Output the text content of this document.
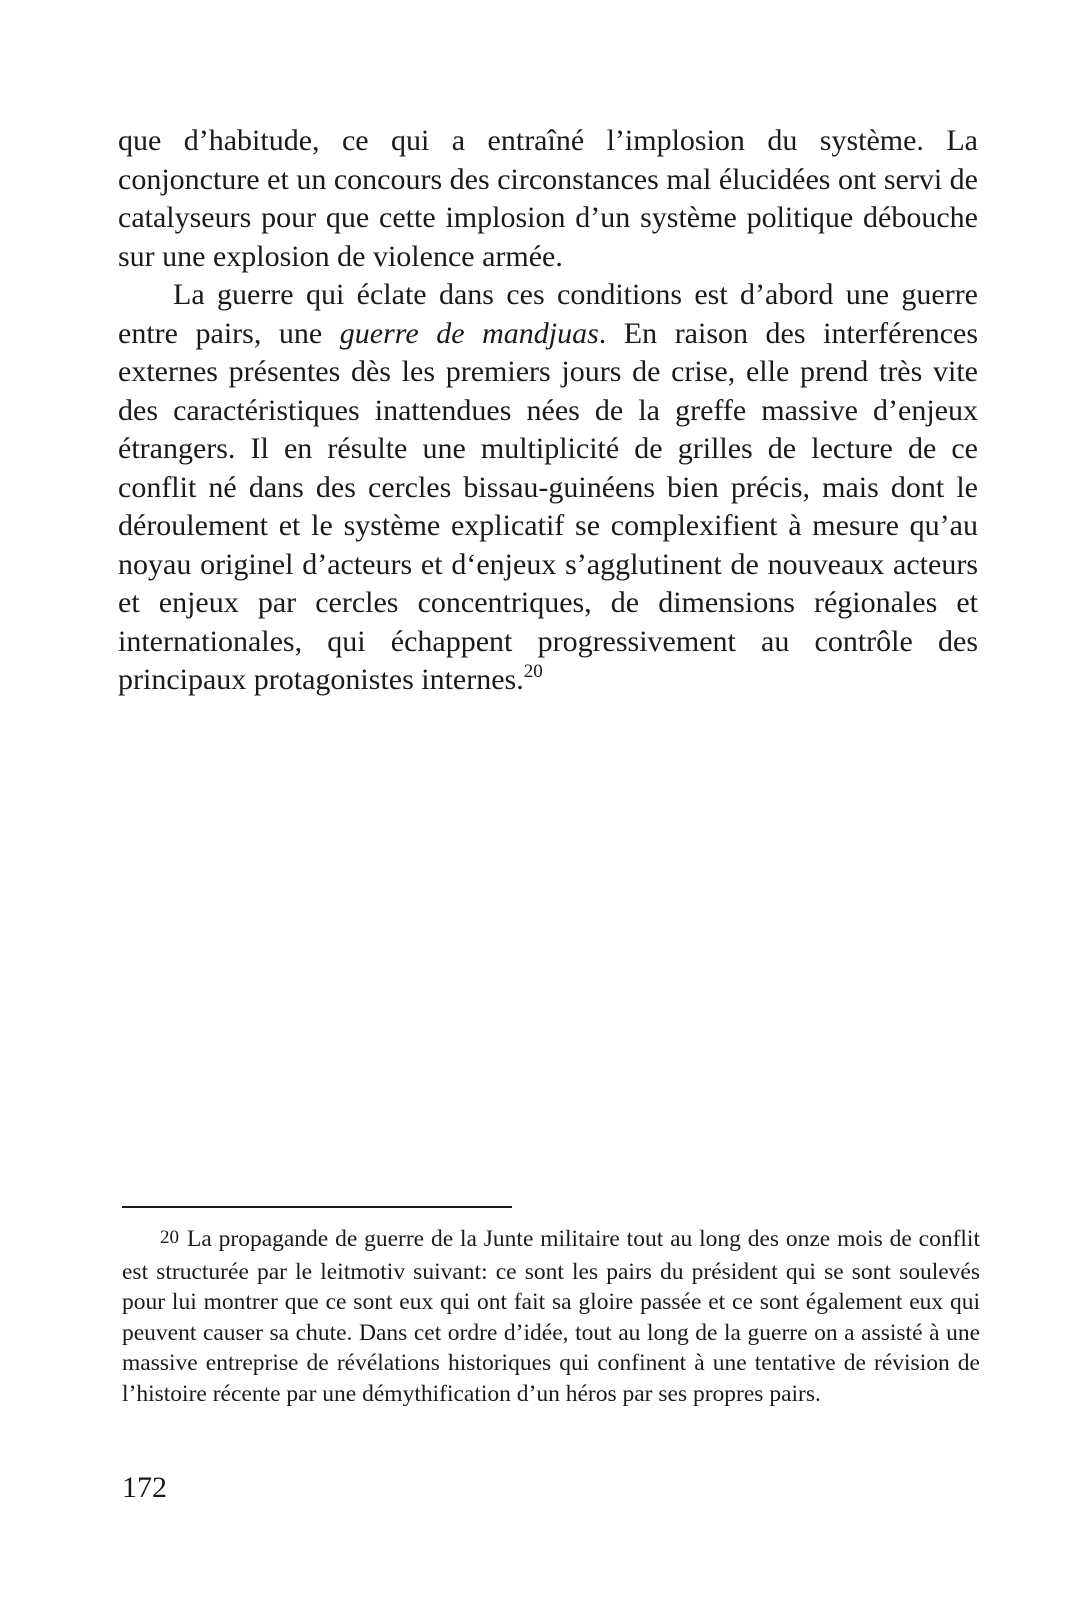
que d’habitude, ce qui a entraîné l’implosion du système. La conjoncture et un concours des circonstances mal élucidées ont servi de catalyseurs pour que cette implosion d’un système politique débouche sur une explosion de violence armée.

La guerre qui éclate dans ces conditions est d’abord une guerre entre pairs, une guerre de mandjuas. En raison des interférences externes présentes dès les premiers jours de crise, elle prend très vite des caractéristiques inattendues nées de la greffe massive d’enjeux étrangers. Il en résulte une multiplicité de grilles de lecture de ce conflit né dans des cercles bissau-guinéens bien précis, mais dont le déroulement et le système explicatif se complexifient à mesure qu’au noyau originel d’acteurs et d‘enjeux s’agglutinent de nouveaux acteurs et enjeux par cercles concentriques, de dimensions régionales et internationales, qui échappent progressivement au contrôle des principaux protagonistes internes.$^{20}$

20 La propagande de guerre de la Junte militaire tout au long des onze mois de conflit est structurée par le leitmotiv suivant: ce sont les pairs du président qui se sont soulevés pour lui montrer que ce sont eux qui ont fait sa gloire passée et ce sont également eux qui peuvent causer sa chute. Dans cet ordre d’idée, tout au long de la guerre on a assisté à une massive entreprise de révélations historiques qui confinent à une tentative de révision de l’histoire récente par une démythification d’un héros par ses propres pairs.

172
